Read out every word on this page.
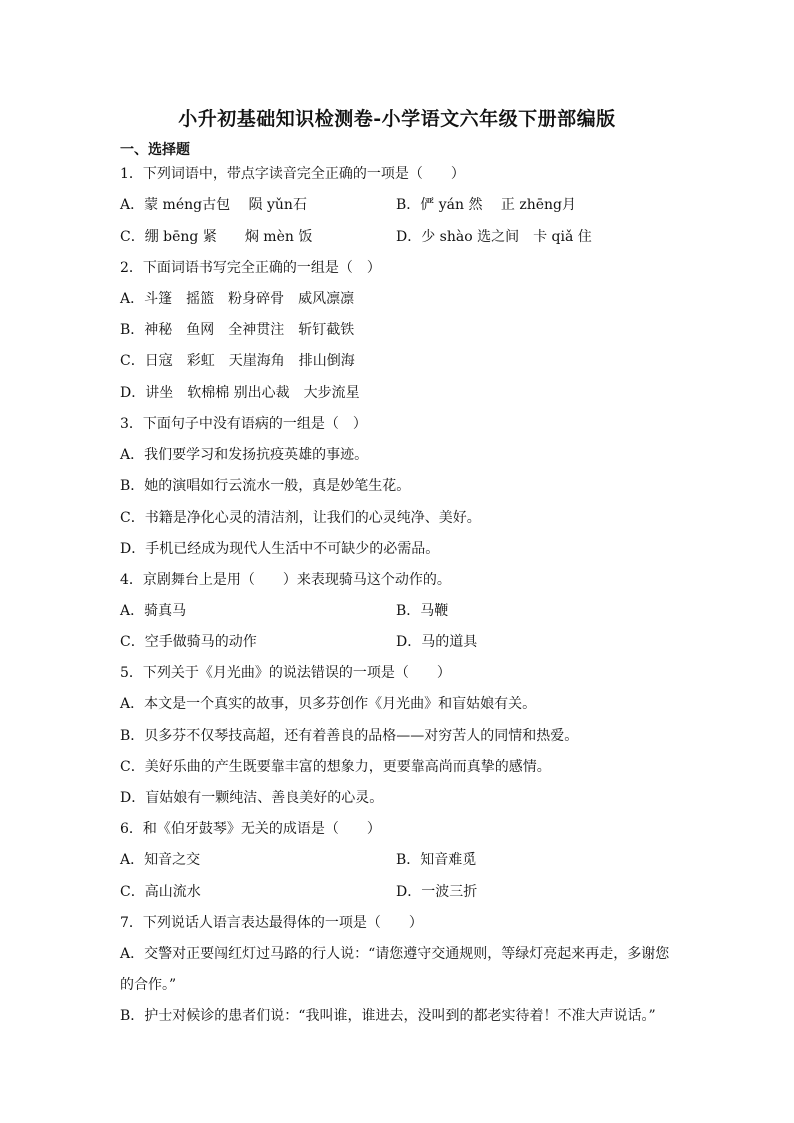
小升初基础知识检测卷-小学语文六年级下册部编版
一、选择题
1．下列词语中，带点字读音完全正确的一项是（　　）
A．蒙 méng古包　 陨 yǔn石	B．俨 yán 然　 正 zhēng月
C．绷 bēng 紧　　焖 mèn 饭	D．少 shào 选之间　卡 qiǎ 住
2．下面词语书写完全正确的一组是（　）
A．斗篷　摇篮　粉身碎骨　威风凛凛
B．神秘　鱼网　全神贯注　斩钉截铁
C．日寇　彩虹　天崖海角　排山倒海
D．讲坐　软棉棉 别出心裁　大步流星
3．下面句子中没有语病的一组是（　）
A．我们要学习和发扬抗疫英雄的事迹。
B．她的演唱如行云流水一般，真是妙笔生花。
C．书籍是净化心灵的清洁剂，让我们的心灵纯净、美好。
D．手机已经成为现代人生活中不可缺少的必需品。
4．京剧舞台上是用（　　）来表现骑马这个动作的。
A．骑真马	B．马鞭
C．空手做骑马的动作	D．马的道具
5．下列关于《月光曲》的说法错误的一项是（　　）
A．本文是一个真实的故事，贝多芬创作《月光曲》和盲姑娘有关。
B．贝多芬不仅琴技高超，还有着善良的品格——对穷苦人的同情和热爱。
C．美好乐曲的产生既要靠丰富的想象力，更要靠高尚而真挚的感情。
D．盲姑娘有一颗纯洁、善良美好的心灵。
6．和《伯牙鼓琴》无关的成语是（　　）
A．知音之交	B．知音难觅
C．高山流水	D．一波三折
7．下列说话人语言表达最得体的一项是（　　）
A．交警对正要闯红灯过马路的行人说：“请您遵守交通规则，等绿灯亮起来再走，多谢您
的合作。”
B．护士对候诊的患者们说：“我叫谁，谁进去，没叫到的都老实待着！不准大声说话。”
